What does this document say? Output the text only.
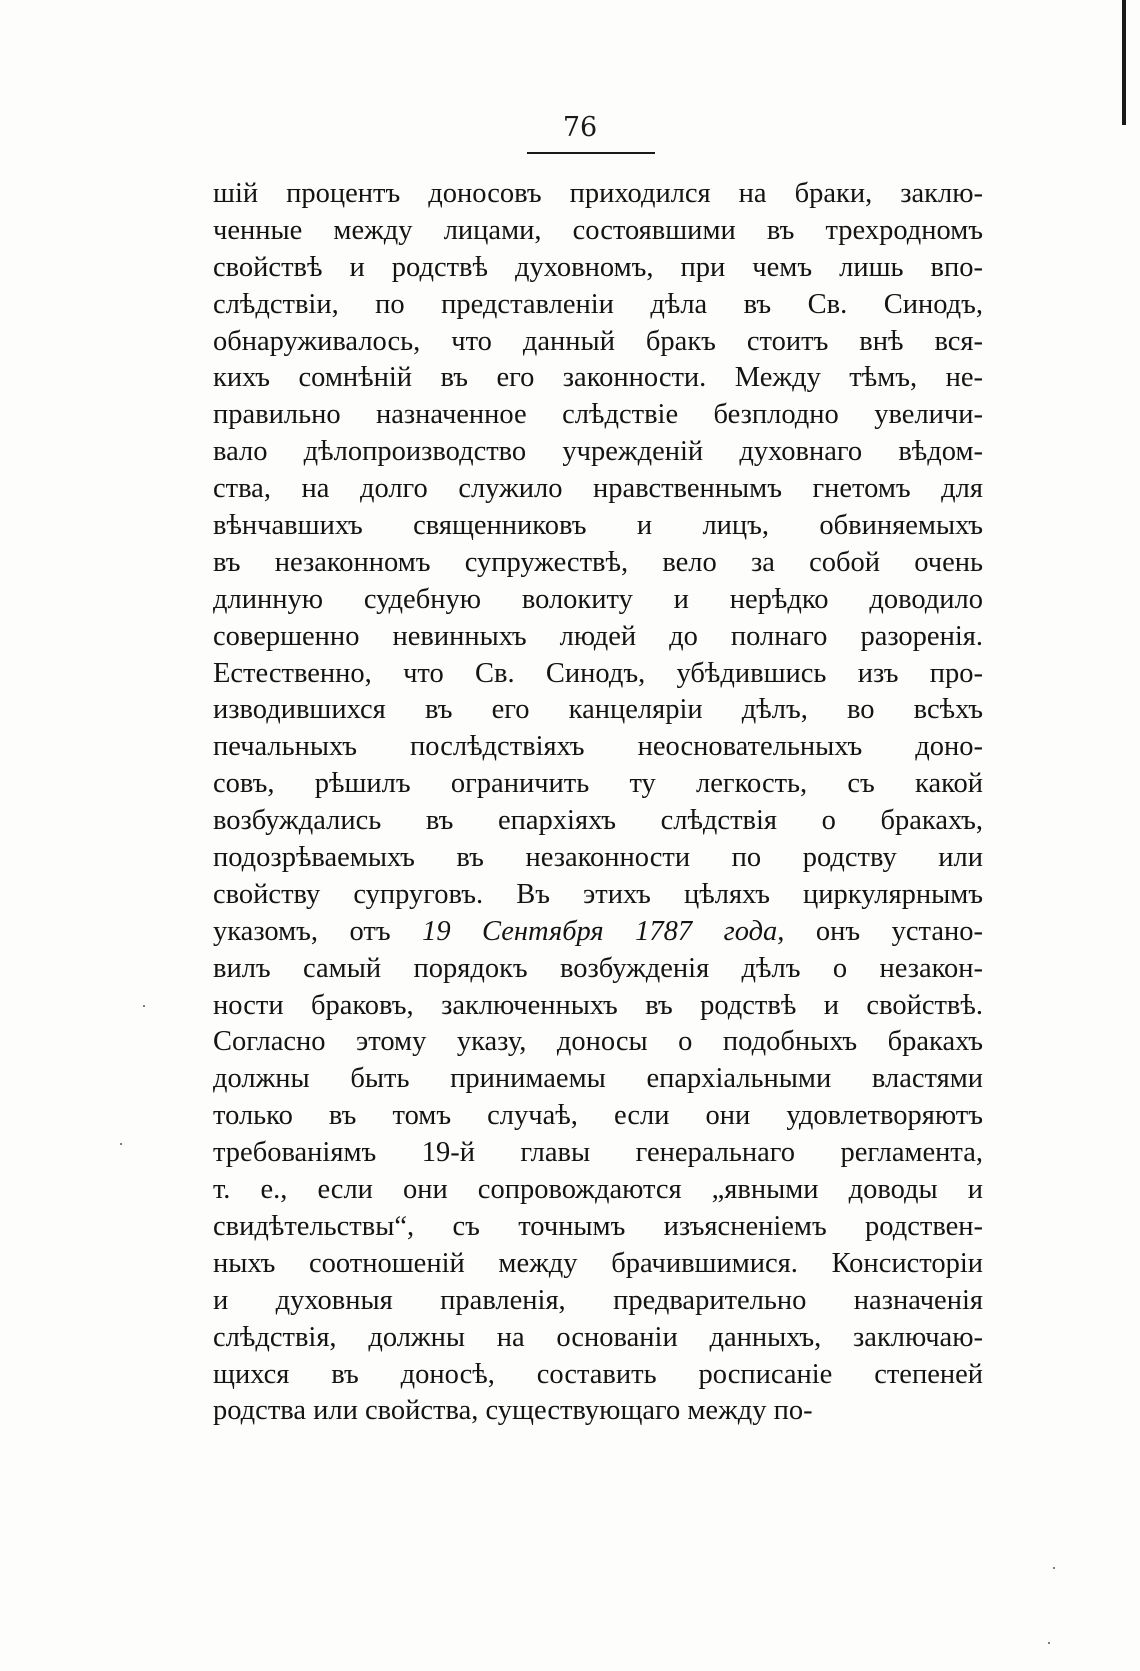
76
шій процентъ доносовъ приходился на браки, заклю-
ченные между лицами, состоявшими въ трехродномъ
свойствѣ и родствѣ духовномъ, при чемъ лишь впо-
слѣдствіи, по представленіи дѣла въ Св. Синодъ,
обнаруживалось, что данный бракъ стоитъ внѣ вся-
кихъ сомнѣній въ его законности. Между тѣмъ, не-
правильно назначенное слѣдствіе безплодно увеличи-
вало дѣлопроизводство учрежденій духовнаго вѣдом-
ства, на долго служило нравственнымъ гнетомъ для
вѣнчавшихъ священниковъ и лицъ, обвиняемыхъ
въ незаконномъ супружествѣ, вело за собой очень
длинную судебную волокиту и нерѣдко доводило
совершенно невинныхъ людей до полнаго разоренія.
Естественно, что Св. Синодъ, убѣдившись изъ про-
изводившихся въ его канцеляріи дѣлъ, во всѣхъ
печальныхъ послѣдствіяхъ неосновательныхъ доно-
совъ, рѣшилъ ограничить ту легкость, съ какой
возбуждались въ епархіяхъ слѣдствія о бракахъ,
подозрѣваемыхъ въ незаконности по родству или
свойству супруговъ. Въ этихъ цѣляхъ циркулярнымъ
указомъ, отъ 19 Сентября 1787 года, онъ устано-
вилъ самый порядокъ возбужденія дѣлъ о незакон-
ности браковъ, заключенныхъ въ родствѣ и свойствѣ.
Согласно этому указу, доносы о подобныхъ бракахъ
должны быть принимаемы епархіальными властями
только въ томъ случаѣ, если они удовлетворяютъ
требованіямъ 19-й главы генеральнаго регламента,
т. е., если они сопровождаются „явными доводы и
свидѣтельствы“, съ точнымъ изъясненіемъ родствен-
ныхъ соотношеній между брачившимися. Консисторіи
и духовныя правленія, предварительно назначенія
слѣдствія, должны на основаніи данныхъ, заключаю-
щихся въ доносѣ, составить росписаніе степеней
родства или свойства, существующаго между по-
